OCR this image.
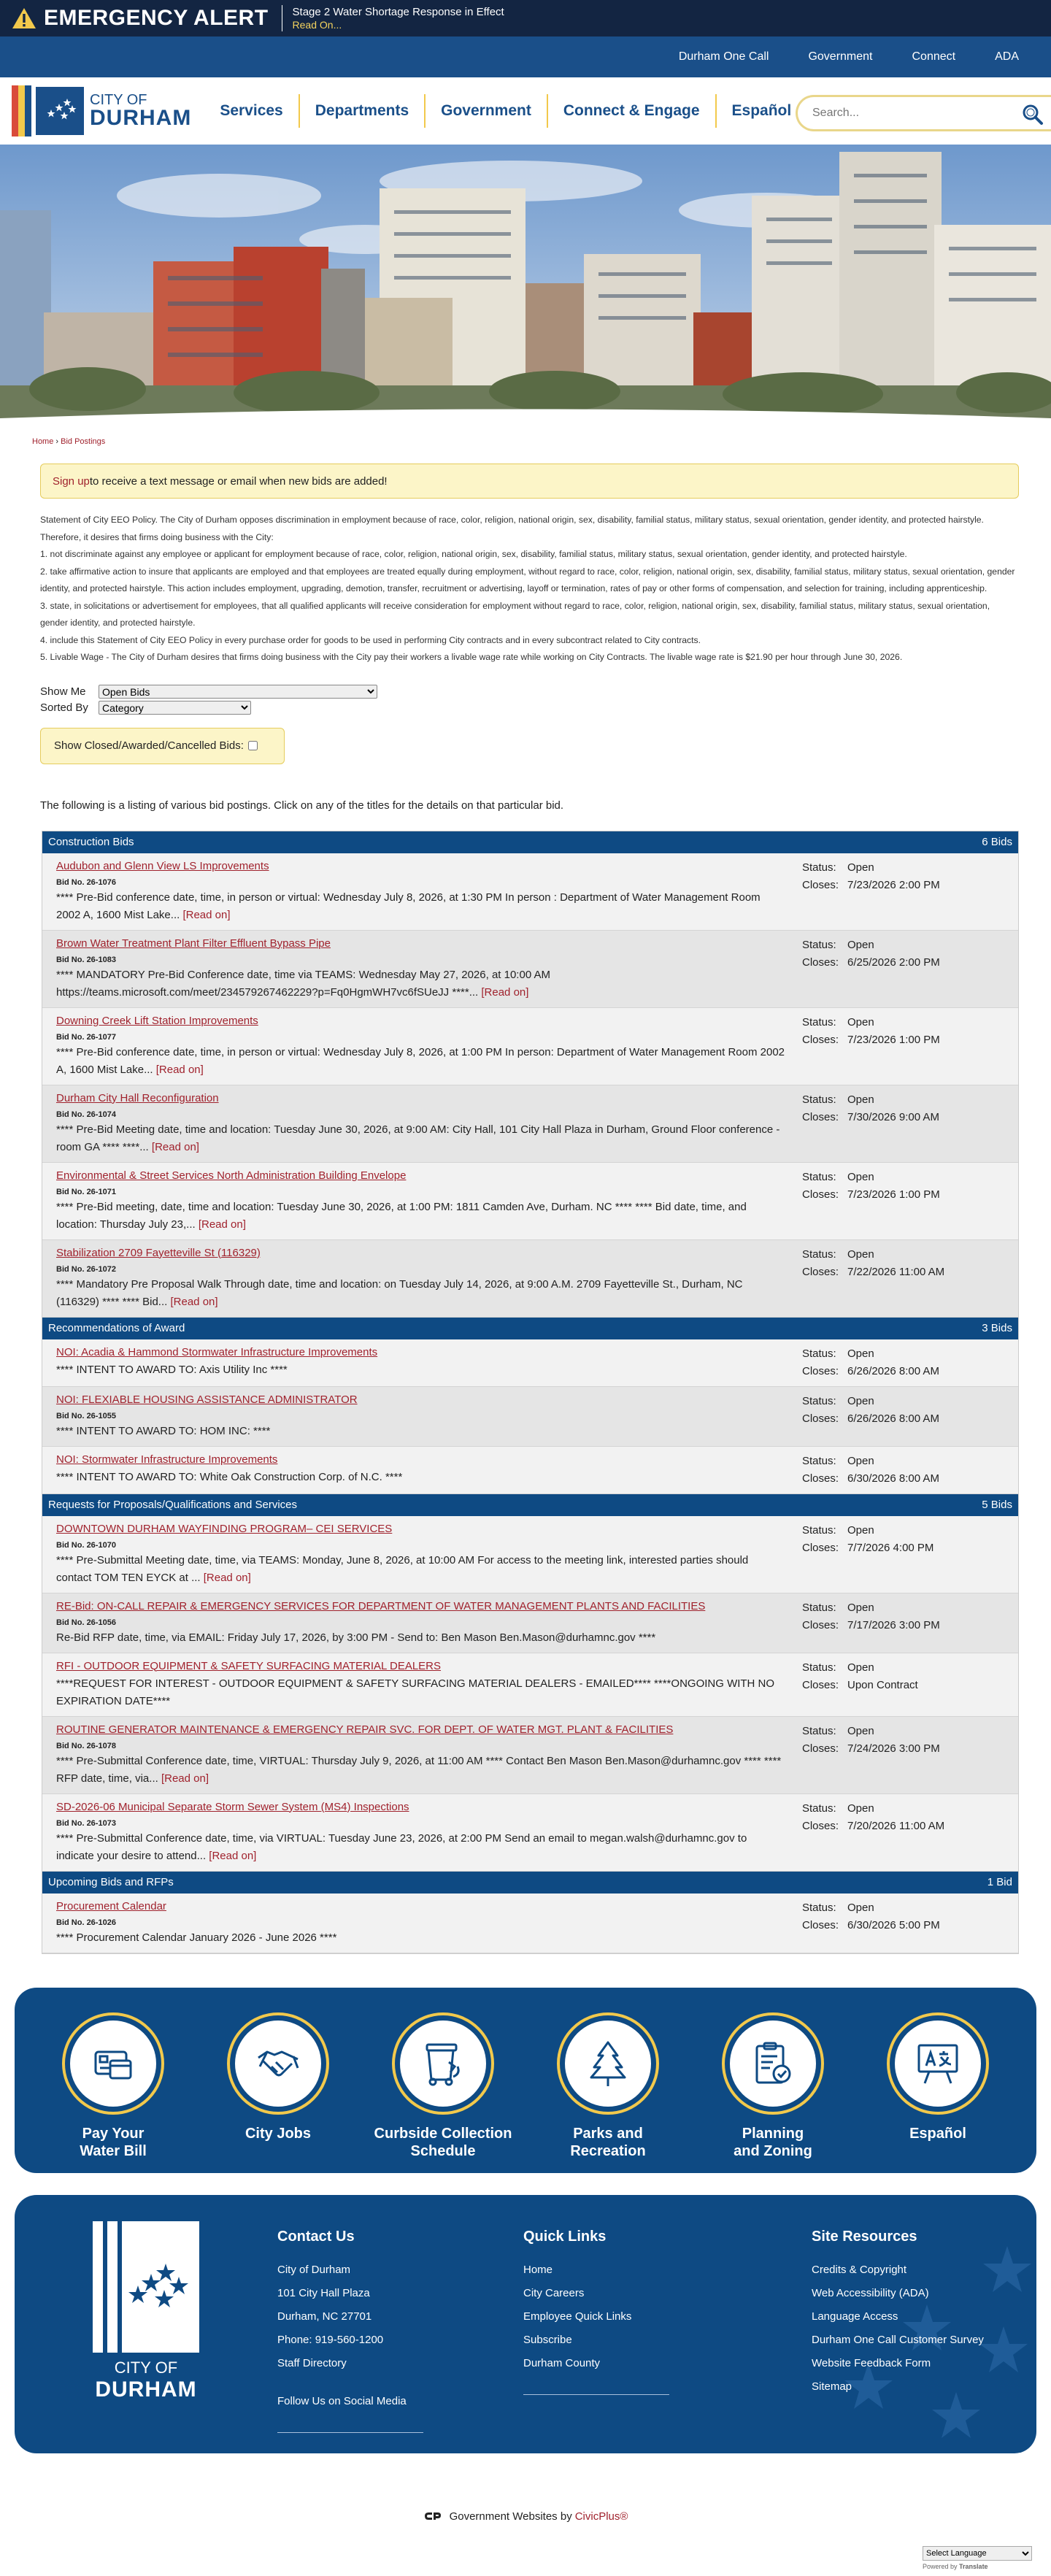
EMERGENCY ALERT Stage 2 Water Shortage Response in Effect
Read On...
Durham One Call	Government	Connect	ADA
CITY OF
DURHAM	Services	Departments	Government	Connect & Engage	Español
Search...
Home › Bid Postings
Sign up to receive a text message or email when new bids are added!
Statement of City EEO Policy. The City of Durham opposes discrimination in employment because of race, color, religion, national origin, sex, disability, familial status, military status, sexual orientation, gender identity, and protected hairstyle. Therefore, it desires that firms doing business with the City:
1. not discriminate against any employee or applicant for employment because of race, color, religion, national origin, sex, disability, familial status, military status, sexual orientation, gender identity, and protected hairstyle.
2. take affirmative action to insure that applicants are employed and that employees are treated equally during employment, without regard to race, color, religion, national origin, sex, disability, familial status, military status, sexual orientation, gender identity, and protected hairstyle. This action includes employment, upgrading, demotion, transfer, recruitment or advertising, layoff or termination, rates of pay or other forms of compensation, and selection for training, including apprenticeship.
3. state, in solicitations or advertisement for employees, that all qualified applicants will receive consideration for employment without regard to race, color, religion, national origin, sex, disability, familial status, military status, sexual orientation, gender identity, and protected hairstyle.
4. include this Statement of City EEO Policy in every purchase order for goods to be used in performing City contracts and in every subcontract related to City contracts.
5. Livable Wage - The City of Durham desires that firms doing business with the City pay their workers a livable wage rate while working on City Contracts. The livable wage rate is $21.90 per hour through June 30, 2026.
Show Me
Open Bids
Sorted By
Category
Show Closed/Awarded/Cancelled Bids:
The following is a listing of various bid postings. Click on any of the titles for the details on that particular bid.
Construction Bids	6 Bids
Audubon and Glenn View LS Improvements
Bid No. 26-1076
**** Pre-Bid conference date, time, in person or virtual: Wednesday July 8, 2026, at 1:30 PM In person : Department of Water Management Room 2002 A, 1600 Mist Lake... [Read on]
Status: Open
Closes: 7/23/2026 2:00 PM
Brown Water Treatment Plant Filter Effluent Bypass Pipe
Bid No. 26-1083
**** MANDATORY Pre-Bid Conference date, time via TEAMS: Wednesday May 27, 2026, at 10:00 AM https://teams.microsoft.com/meet/234579267462229?p=Fq0HgmWH7vc6fSUeJJ ****... [Read on]
Status: Open
Closes: 6/25/2026 2:00 PM
Downing Creek Lift Station Improvements
Bid No. 26-1077
**** Pre-Bid conference date, time, in person or virtual: Wednesday July 8, 2026, at 1:00 PM In person: Department of Water Management Room 2002 A, 1600 Mist Lake... [Read on]
Status: Open
Closes: 7/23/2026 1:00 PM
Durham City Hall Reconfiguration
Bid No. 26-1074
**** Pre-Bid Meeting date, time and location: Tuesday June 30, 2026, at 9:00 AM: City Hall, 101 City Hall Plaza in Durham, Ground Floor conference - room GA **** ****... [Read on]
Status: Open
Closes: 7/30/2026 9:00 AM
Environmental & Street Services North Administration Building Envelope
Bid No. 26-1071
**** Pre-Bid meeting, date, time and location: Tuesday June 30, 2026, at 1:00 PM: 1811 Camden Ave, Durham. NC **** **** Bid date, time, and location: Thursday July 23,... [Read on]
Status: Open
Closes: 7/23/2026 1:00 PM
Stabilization 2709 Fayetteville St (116329)
Bid No. 26-1072
**** Mandatory Pre Proposal Walk Through date, time and location: on Tuesday July 14, 2026, at 9:00 A.M. 2709 Fayetteville St., Durham, NC (116329) **** **** Bid... [Read on]
Status: Open
Closes: 7/22/2026 11:00 AM
Recommendations of Award	3 Bids
NOI: Acadia & Hammond Stormwater Infrastructure Improvements
**** INTENT TO AWARD TO: Axis Utility Inc ****
Status: Open
Closes: 6/26/2026 8:00 AM
NOI: FLEXIABLE HOUSING ASSISTANCE ADMINISTRATOR
Bid No. 26-1055
**** INTENT TO AWARD TO: HOM INC: ****
Status: Open
Closes: 6/26/2026 8:00 AM
NOI: Stormwater Infrastructure Improvements
**** INTENT TO AWARD TO: White Oak Construction Corp. of N.C. ****
Status: Open
Closes: 6/30/2026 8:00 AM
Requests for Proposals/Qualifications and Services	5 Bids
DOWNTOWN DURHAM WAYFINDING PROGRAM– CEI SERVICES
Bid No. 26-1070
**** Pre-Submittal Meeting date, time, via TEAMS: Monday, June 8, 2026, at 10:00 AM For access to the meeting link, interested parties should contact TOM TEN EYCK at ... [Read on]
Status: Open
Closes: 7/7/2026 4:00 PM
RE-Bid: ON-CALL REPAIR & EMERGENCY SERVICES FOR DEPARTMENT OF WATER MANAGEMENT PLANTS AND FACILITIES
Bid No. 26-1056
Re-Bid RFP date, time, via EMAIL: Friday July 17, 2026, by 3:00 PM - Send to: Ben Mason Ben.Mason@durhamnc.gov ****
Status: Open
Closes: 7/17/2026 3:00 PM
RFI - OUTDOOR EQUIPMENT & SAFETY SURFACING MATERIAL DEALERS
****REQUEST FOR INTEREST - OUTDOOR EQUIPMENT & SAFETY SURFACING MATERIAL DEALERS - EMAILED**** ****ONGOING WITH NO EXPIRATION DATE****
Status: Open
Closes: Upon Contract
ROUTINE GENERATOR MAINTENANCE & EMERGENCY REPAIR SVC. FOR DEPT. OF WATER MGT. PLANT & FACILITIES
Bid No. 26-1078
**** Pre-Submittal Conference date, time, VIRTUAL: Thursday July 9, 2026, at 11:00 AM **** Contact Ben Mason Ben.Mason@durhamnc.gov **** **** RFP date, time, via... [Read on]
Status: Open
Closes: 7/24/2026 3:00 PM
SD-2026-06 Municipal Separate Storm Sewer System (MS4) Inspections
Bid No. 26-1073
**** Pre-Submittal Conference date, time, via VIRTUAL: Tuesday June 23, 2026, at 2:00 PM Send an email to megan.walsh@durhamnc.gov to indicate your desire to attend... [Read on]
Status: Open
Closes: 7/20/2026 11:00 AM
Upcoming Bids and RFPs	1 Bid
Procurement Calendar
Bid No. 26-1026
**** Procurement Calendar January 2026 - June 2026 ****
Status: Open
Closes: 6/30/2026 5:00 PM
Pay Your
Water Bill
City Jobs	Curbside Collection
Schedule
Parks and
Recreation
Planning
and Zoning
Español
CITY OF
DURHAM
Contact Us
City of Durham
101 City Hall Plaza
Durham, NC 27701
Phone: 919-560-1200
Staff Directory
Follow Us on Social Media
Quick Links
Home
City Careers
Employee Quick Links
Subscribe
Durham County
Site Resources
Credits & Copyright
Web Accessibility (ADA)
Language Access
Durham One Call Customer Survey
Website Feedback Form
Sitemap
Government Websites by CivicPlus®
Select Language
Powered by Translate
